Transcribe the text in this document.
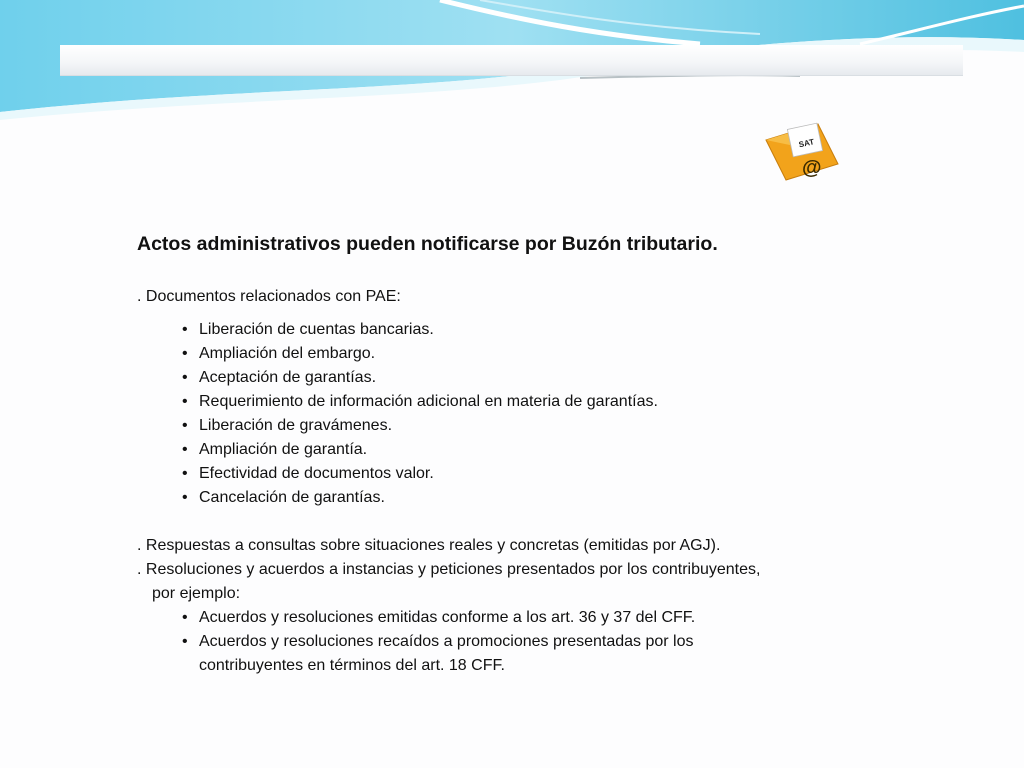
SAT
@

Actos administrativos pueden notificarse por Buzón tributario.

. Documentos relacionados con PAE:

• Liberación de cuentas bancarias.
• Ampliación del embargo.
• Aceptación de garantías.
• Requerimiento de información adicional en materia de garantías.
• Liberación de gravámenes.
• Ampliación de garantía.
• Efectividad de documentos valor.
• Cancelación de garantías.

. Respuestas a consultas sobre situaciones reales y concretas (emitidas por AGJ).

. Resoluciones y acuerdos a instancias y peticiones presentados por los contribuyentes,

por ejemplo:

• Acuerdos y resoluciones emitidas conforme a los art. 36 y 37 del CFF.
• Acuerdos y resoluciones recaídos a promociones presentadas por los contribuyentes en términos del art. 18 CFF.
